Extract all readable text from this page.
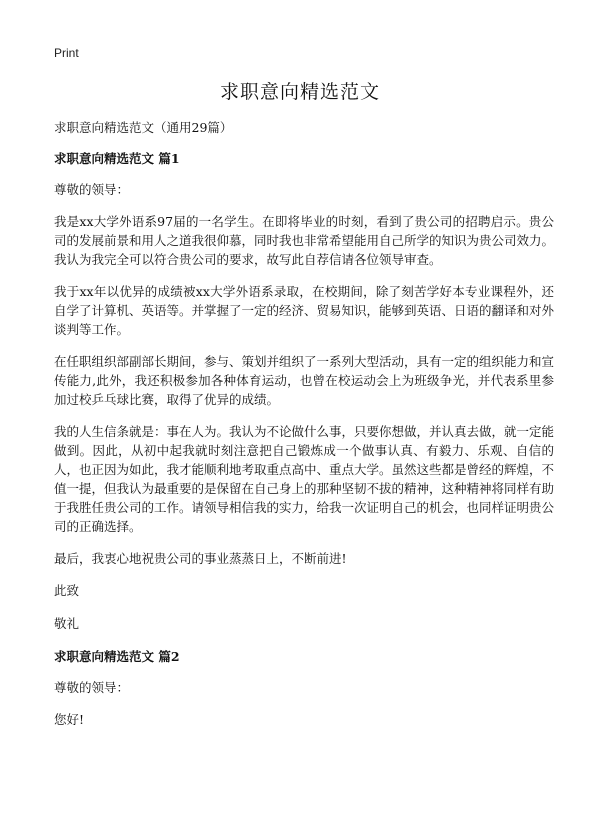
Print
求职意向精选范文

求职意向精选范文（通用29篇）

求职意向精选范文 篇1

尊敬的领导：

我是xx大学外语系97届的一名学生。在即将毕业的时刻，看到了贵公司的招聘启示。贵公司的发展前景和用人之道我很仰慕，同时我也非常希望能用自己所学的知识为贵公司效力。我认为我完全可以符合贵公司的要求，故写此自荐信请各位领导审查。

我于xx年以优异的成绩被xx大学外语系录取，在校期间，除了刻苦学好本专业课程外，还自学了计算机、英语等。并掌握了一定的经济、贸易知识，能够到英语、日语的翻译和对外谈判等工作。

在任职组织部副部长期间，参与、策划并组织了一系列大型活动，具有一定的组织能力和宣传能力,此外，我还积极参加各种体育运动，也曾在校运动会上为班级争光，并代表系里参加过校乒乓球比赛，取得了优异的成绩。

我的人生信条就是：事在人为。我认为不论做什么事，只要你想做，并认真去做，就一定能做到。因此，从初中起我就时刻注意把自己锻炼成一个做事认真、有毅力、乐观、自信的人，也正因为如此，我才能顺利地考取重点高中、重点大学。虽然这些都是曾经的辉煌，不值一提，但我认为最重要的是保留在自己身上的那种坚韧不拔的精神，这种精神将同样有助于我胜任贵公司的工作。请领导相信我的实力，给我一次证明自己的机会，也同样证明贵公司的正确选择。

最后，我衷心地祝贵公司的事业蒸蒸日上，不断前进!

此致

敬礼

求职意向精选范文 篇2

尊敬的领导：

您好!
